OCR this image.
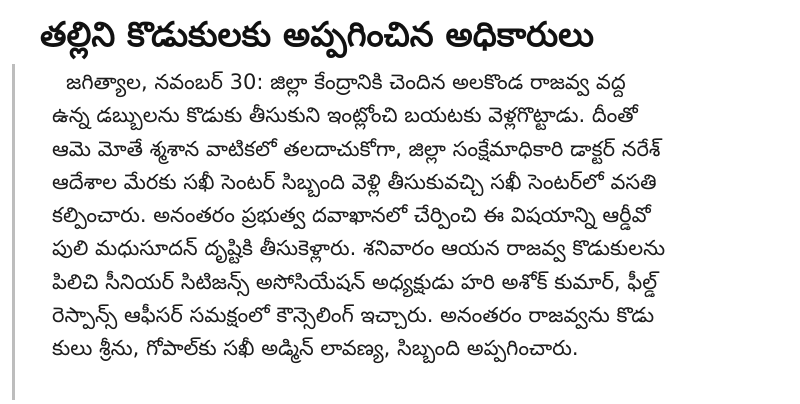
తల్లిని కొడుకులకు అప్పగించిన అధికారులు
జగిత్యాల, నవంబర్ 30: జిల్లా కేంద్రానికి చెందిన అలకొండ రాజవ్వ వద్ద
ఉన్న డబ్బులను కొడుకు తీసుకుని ఇంట్లోంచి బయటకు వెళ్లగొట్టాడు. దీంతో
ఆమె మోతే శ్మశాన వాటికలో తలదాచుకోగా, జిల్లా సంక్షేమాధికారి డాక్టర్ నరేశ్
ఆదేశాల మేరకు సఖీ సెంటర్ సిబ్బంది వెళ్లి తీసుకువచ్చి సఖీ సెంటర్‌లో వసతి
కల్పించారు. అనంతరం ప్రభుత్వ దవాఖానలో చేర్పించి ఈ విషయాన్ని ఆర్డీవో
పులి మధుసూదన్ దృష్టికి తీసుకెళ్లారు. శనివారం ఆయన రాజవ్వ కొడుకులను
పిలిచి సీనియర్ సిటిజన్స్ అసోసియేషన్ అధ్యక్షుడు హరి అశోక్ కుమార్, ఫీల్డ్
రెస్పాన్స్ ఆఫీసర్ సమక్షంలో కౌన్సెలింగ్ ఇచ్చారు. అనంతరం రాజవ్వను కొడు
కులు శ్రీను, గోపాల్‌కు సఖీ అడ్మిన్ లావణ్య, సిబ్బంది అప్పగించారు.
